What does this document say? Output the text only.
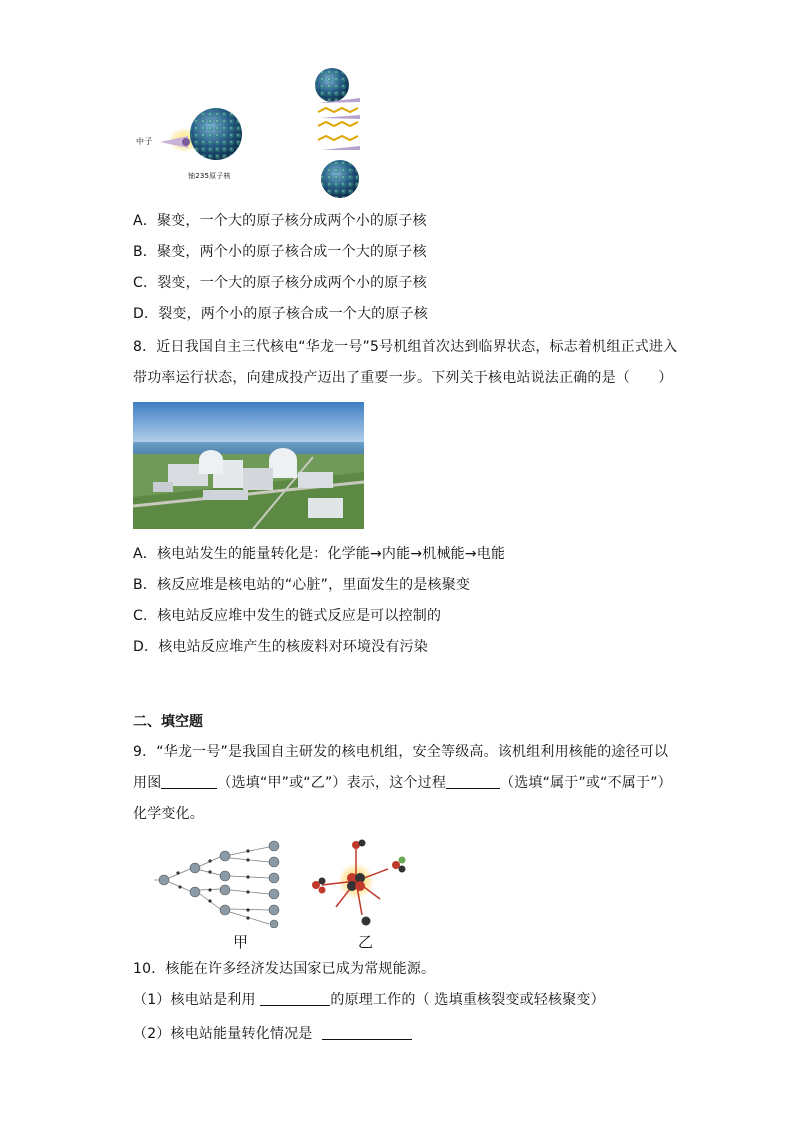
中子
铀235原子核
A．聚变，一个大的原子核分成两个小的原子核
B．聚变，两个小的原子核合成一个大的原子核
C．裂变，一个大的原子核分成两个小的原子核
D．裂变，两个小的原子核合成一个大的原子核
8．近日我国自主三代核电“华龙一号”5号机组首次达到临界状态，标志着机组正式进入
带功率运行状态，向建成投产迈出了重要一步。下列关于核电站说法正确的是（　　）
A．核电站发生的能量转化是：化学能→内能→机械能→电能
B．核反应堆是核电站的“心脏”，里面发生的是核聚变
C．核电站反应堆中发生的链式反应是可以控制的
D．核电站反应堆产生的核废料对环境没有污染
二、填空题
9．“华龙一号”是我国自主研发的核电机组，安全等级高。该机组利用核能的途径可以
用图	（选填“甲”或“乙”）表示，这个过程	（选填“属于”或“不属于”）
化学变化。
甲	乙
10．核能在许多经济发达国家已成为常规能源。
（1）核电站是利用	的原理工作的（ 选填重核裂变或轻核聚变）
（2）核电站能量转化情况是
